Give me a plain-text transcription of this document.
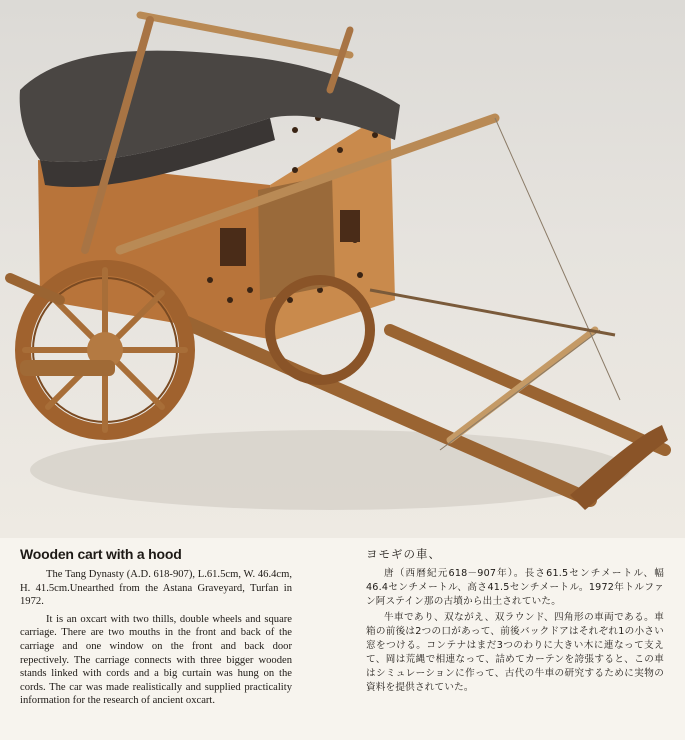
Wooden cart with a hood

The Tang Dynasty (A.D. 618-907), L.61.5cm, W. 46.4cm, H. 41.5cm.Unearthed from the Astana Graveyard, Turfan in 1972.

It is an oxcart with two thills, double wheels and square carriage. There are two mouths in the front and back of the carriage and one window on the front and back door repectively. The carriage connects with three bigger wooden stands linked with cords and a big curtain was hung on the cords. The car was made realistically and supplied practicality information for the research of ancient oxcart.

ヨモギの車、

唐（西暦紀元618－907年）。長さ61.5センチメートル、幅46.4センチメートル、高さ41.5センチメートル。1972年トルファン阿ステイン那の古墳から出土されていた。

牛車であり、双ながえ、双ラウンド、四角形の車両である。車箱の前後は2つの口があって、前後バックドアはそれぞれ1の小さい窓をつける。コンテナはまだ3つのわりに大きい木に連なって支えて、岡は荒縄で相連なって、詰めてカーテンを誇張すると、この車はシミュレーションに作って、古代の牛車の研究するために実物の資料を提供されていた。
